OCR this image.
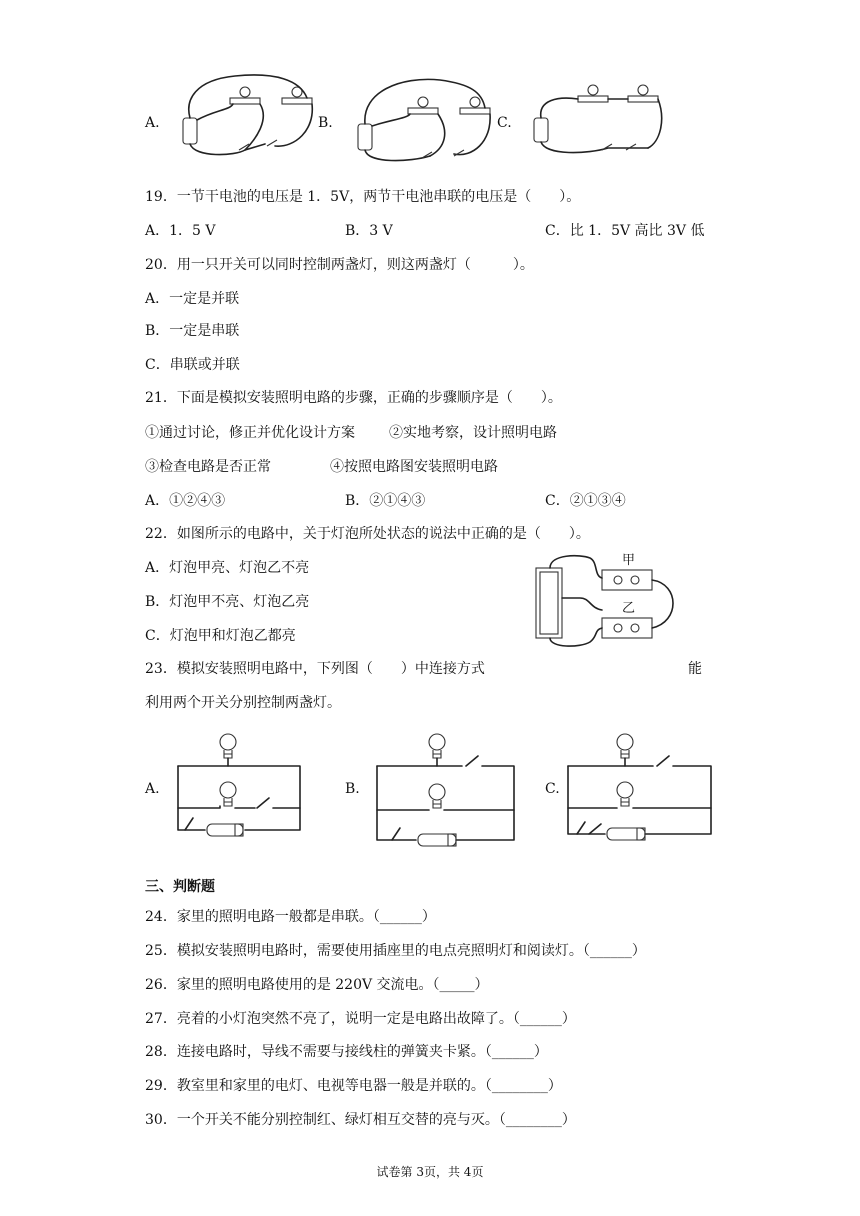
A.	B.	C.
19．一节干电池的电压是 1．5V，两节干电池串联的电压是（　　）。
A．1．5 V	B．3 V	C．比 1．5V 高比 3V 低
20．用一只开关可以同时控制两盏灯，则这两盏灯（　　　）。
A．一定是并联
B．一定是串联
C．串联或并联
21．下面是模拟安装照明电路的步骤，正确的步骤顺序是（　　）。
①通过讨论，修正并优化设计方案 ②实地考察，设计照明电路
③检查电路是否正常	④按照电路图安装照明电路
A．①②④③	B．②①④③	C．②①③④
22．如图所示的电路中，关于灯泡所处状态的说法中正确的是（　　）。
A．灯泡甲亮、灯泡乙不亮
B．灯泡甲不亮、灯泡乙亮
C．灯泡甲和灯泡乙都亮
甲
乙
23．模拟安装照明电路中，下列图（　　）中连接方式	能
利用两个开关分别控制两盏灯。
A.	B.	C.
三、判断题
24．家里的照明电路一般都是串联。（______）
25．模拟安装照明电路时，需要使用插座里的电点亮照明灯和阅读灯。（______）
26．家里的照明电路使用的是 220V 交流电。（_____）
27．亮着的小灯泡突然不亮了，说明一定是电路出故障了。（______）
28．连接电路时，导线不需要与接线柱的弹簧夹卡紧。（______）
29．教室里和家里的电灯、电视等电器一般是并联的。（________）
30．一个开关不能分别控制红、绿灯相互交替的亮与灭。（________）
试卷第 3页，共 4页
